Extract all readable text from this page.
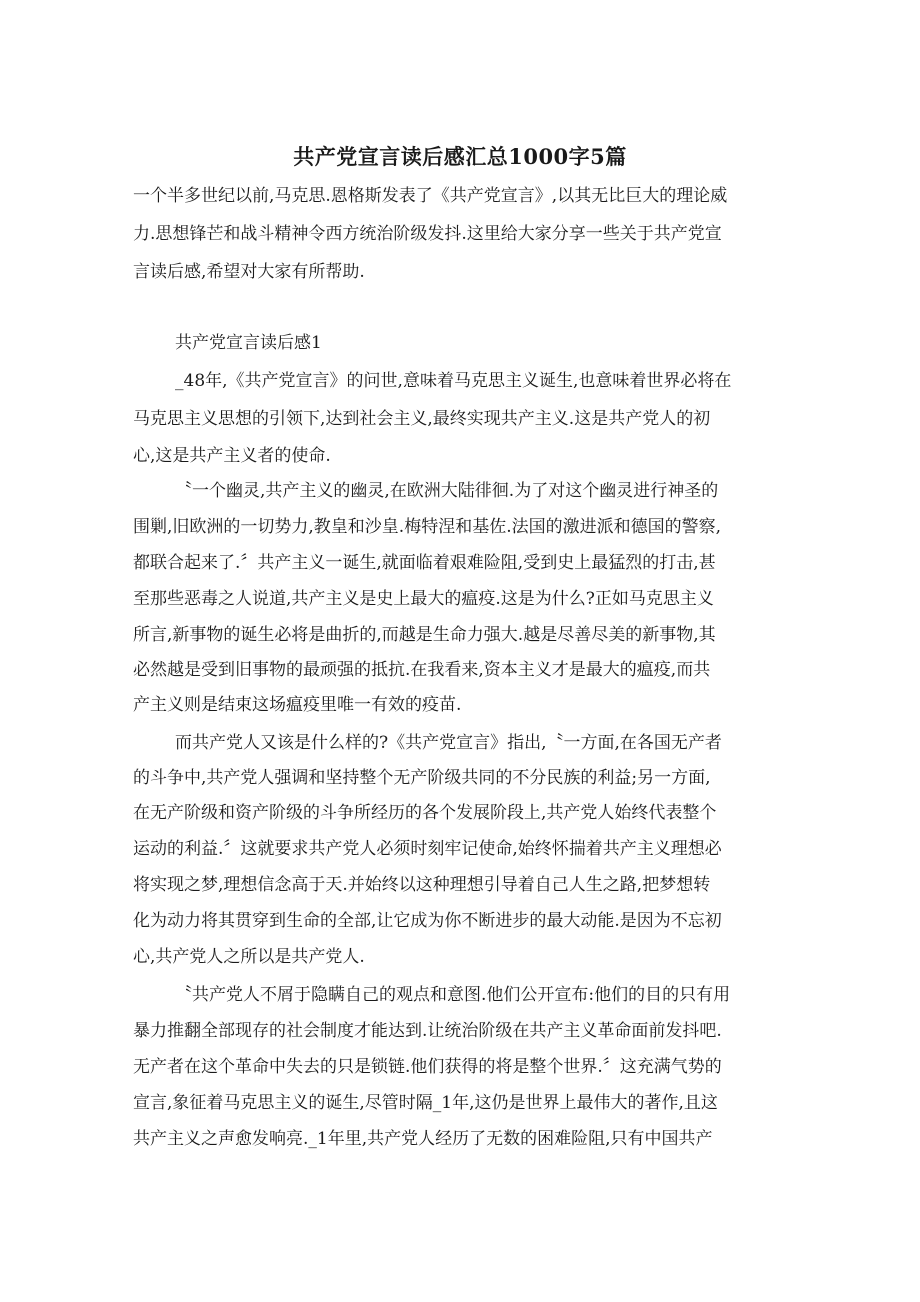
共产党宣言读后感汇总1000字5篇
一个半多世纪以前,马克思.恩格斯发表了《共产党宣言》,以其无比巨大的理论威
力.思想锋芒和战斗精神令西方统治阶级发抖.这里给大家分享一些关于共产党宣
言读后感,希望对大家有所帮助.
共产党宣言读后感1
_48年,《共产党宣言》的问世,意味着马克思主义诞生,也意味着世界必将在
马克思主义思想的引领下,达到社会主义,最终实现共产主义.这是共产党人的初
心,这是共产主义者的使命.
〝一个幽灵,共产主义的幽灵,在欧洲大陆徘徊.为了对这个幽灵进行神圣的
围剿,旧欧洲的一切势力,教皇和沙皇.梅特涅和基佐.法国的激进派和德国的警察,
都联合起来了.〞共产主义一诞生,就面临着艰难险阻,受到史上最猛烈的打击,甚
至那些恶毒之人说道,共产主义是史上最大的瘟疫.这是为什么?正如马克思主义
所言,新事物的诞生必将是曲折的,而越是生命力强大.越是尽善尽美的新事物,其
必然越是受到旧事物的最顽强的抵抗.在我看来,资本主义才是最大的瘟疫,而共
产主义则是结束这场瘟疫里唯一有效的疫苗.
而共产党人又该是什么样的?《共产党宣言》指出,〝一方面,在各国无产者
的斗争中,共产党人强调和坚持整个无产阶级共同的不分民族的利益;另一方面,
在无产阶级和资产阶级的斗争所经历的各个发展阶段上,共产党人始终代表整个
运动的利益.〞这就要求共产党人必须时刻牢记使命,始终怀揣着共产主义理想必
将实现之梦,理想信念高于天.并始终以这种理想引导着自己人生之路,把梦想转
化为动力将其贯穿到生命的全部,让它成为你不断进步的最大动能.是因为不忘初
心,共产党人之所以是共产党人.
〝共产党人不屑于隐瞒自己的观点和意图.他们公开宣布:他们的目的只有用
暴力推翻全部现存的社会制度才能达到.让统治阶级在共产主义革命面前发抖吧.
无产者在这个革命中失去的只是锁链.他们获得的将是整个世界.〞这充满气势的
宣言,象征着马克思主义的诞生,尽管时隔_1年,这仍是世界上最伟大的著作,且这
共产主义之声愈发响亮._1年里,共产党人经历了无数的困难险阻,只有中国共产
